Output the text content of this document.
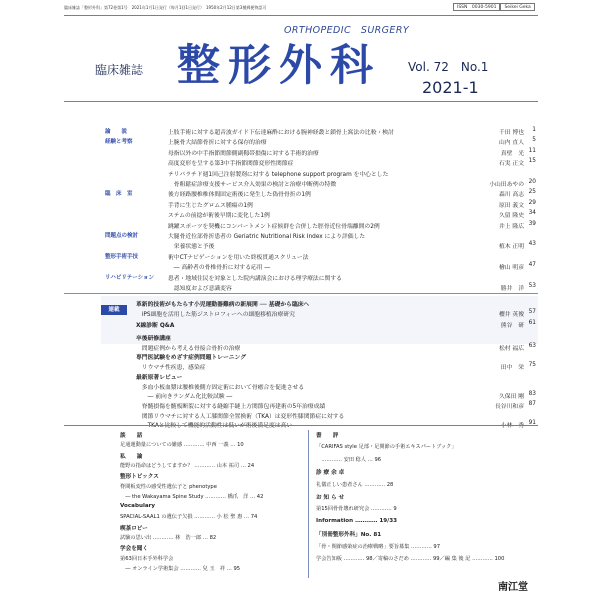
臨床雑誌「整形外科」第72巻第1号　2021年1月1日発行（毎月1回1日発行）　1950年2月12日第3種郵便物認可	ISSN　0030-5901	Seikei Geka
ORTHOPEDIC　SURGERY
臨床雑誌 整形外科 Vol. 72　No.1
2021-1
論　　説	上肢手術に対する超音波ガイド下伝達麻酔における腕神経叢と鎖骨上窩法の比較・検討	千田 博也	1
経験と考察	上腕骨大結節骨折に対する保存的治療	山内 直人	5
母指以外の中手指節関節側副靱帯損傷に対する手術的治療	真壁　光 11
高度変形を呈する第3中手指節関節変形性関節症	石実 正文 15
テリパラチド週1回己注射製剤に対する telephone support program を中心とした
　骨粗鬆症診療支援サービス介入効果の検討と治療中断例の特徴	小山田あやの 20
臨　床　室	後方経路腰椎椎体間固定術後に発生した偽骨骨折の1例	森川 高志 25
手背に生じたグロムス腫瘍の1例	原田 義文 29
ステムの前捻が術後早期に変化した1例	久留 隆史 34
跳躍スポーツを契機にコンパートメント症候群を合併した脛骨近位骨端離開の2例	井上 隆広 39
問題点の検討	大腿骨近位部骨折患者の Geriatric Nutritional Risk Index により評価した
　栄養状態と予後	植木 正明 43
整形手術手技	術中CTナビゲーションを用いた終板貫通スクリュー法
　― 高齢者の骨椎骨折に対する応用 ―	檜山 明彦 47
リハビリテーション 患者・地域住民を対象とした院内講演会における理学療法に関する
　認知度および意識変容	勝井　洋 53
連載
革新的技術がもたらす小児運動器難病の新展開 ── 基礎から臨床へ
　iPS細胞を活用した筋ジストロフィーへの細胞移植治療研究	櫻井 英俊 57
X線診断 Q&A	熊谷　研 61
卒後研修講座
　問題症例から考える骨接合骨折の治療	松村 福広 63
専門医試験をめざす症例問題トレーニング
　リウマチ性疾患，感染症	田中　栄 75
最新原著レビュー
　多血小板血漿は腰椎後側方固定術において骨癒合を促進させる
　　― 前向きランダム化比較試験 ―	久保田 剛 83
　脊髄損傷を髄板断裂に対する縫縮手縫上方関節包再建術の5年治療成績	長谷川和彦 87
　関節リウマチに対する人工膝関節全置換術（TKA）は変形性膝関節症に対する
　　TKAと比較して機能的活動性は低いが術後満足度は高い	小林　秀 91
談　　話
足通運動量についての雑感 ………… 中西 一義 … 10
私　　論
能野の指命はどうしてますか？ ………… 山本 祐司 … 24
整形トピックス
脊間板変性の感受性遺伝子と phenotype
　― the Wakayama Spine Study ………… 橋爪　洋 … 42
Vocabulary
SPACIAL-SAAL1 の遺伝子欠損 ………… 小 松 聖 惠 … 74
喫茶ロビー
試験の思い出 ………… 林　浩一郎 … 82
学会を聞く
第63回日本手外科学会
　― オンライン学術集会 ………… 兒 玉　祥 … 95
書　　評
「CARIFAS style 足部・足関節の手術エキスパートブック」
　………… 安田 稔人 … 96
診 療 余 卓
礼儀正しい患者さん ………… 28
お 知 ら せ
第15回骨骨壊れ研究会 ………… 9
Information ………… 19/33
「別冊整形外科」No. 81
「骨・関節感染症の治療戦略」要旨募集 ………… 97
学会告知板 ………… 98／寄稿のさだめ ………… 99／編 集 後 記 ………… 100
南江堂
